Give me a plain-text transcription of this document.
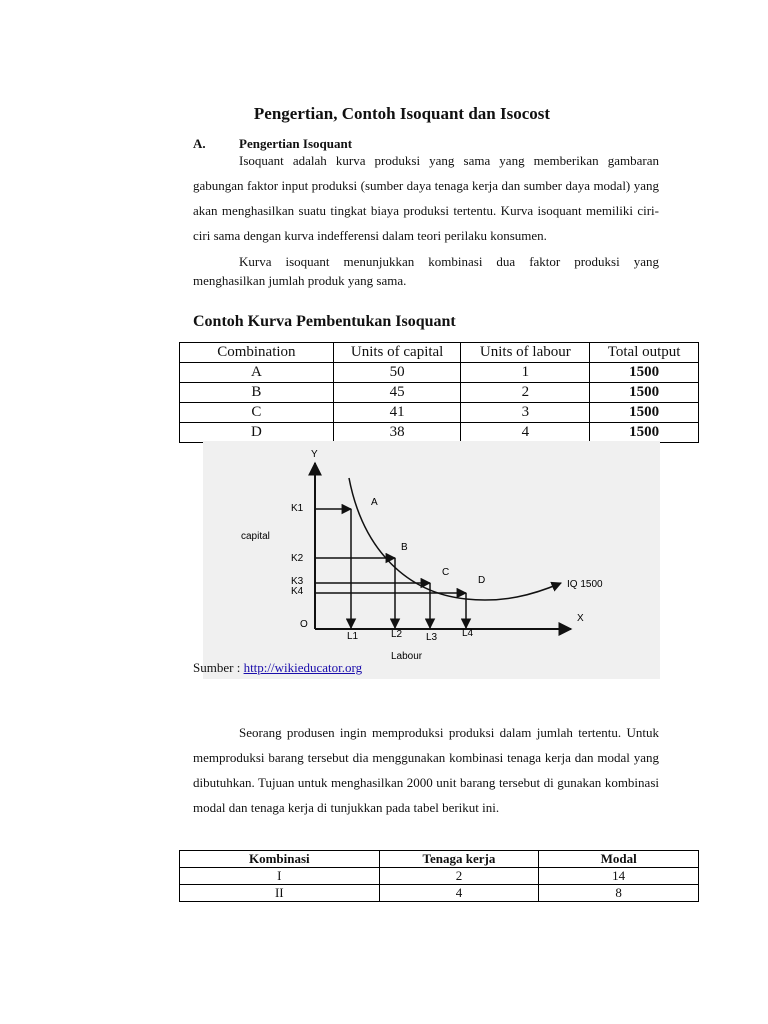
Pengertian, Contoh Isoquant dan Isocost
A.	Pengertian Isoquant

Isoquant adalah kurva produksi yang sama yang memberikan gambaran gabungan faktor input produksi (sumber daya tenaga kerja dan sumber daya modal) yang akan menghasilkan suatu tingkat biaya produksi tertentu. Kurva isoquant memiliki ciri-ciri sama dengan kurva indefferensi dalam teori perilaku konsumen.

Kurva isoquant menunjukkan kombinasi dua faktor produksi yang menghasilkan jumlah produk yang sama.

Contoh Kurva Pembentukan Isoquant
Combination	Units of capital	Units of labour	Total output
A	50	1	1500
B	45	2	1500
C	41	3	1500
D	38	4	1500
Y
X
O
capital
Labour
IQ 1500
A
K1
L1
B
K2
L2
C
K3
L3
D
K4
L4
Sumber : http://wikieducator.org

Seorang produsen ingin memproduksi produksi dalam jumlah tertentu. Untuk memproduksi barang tersebut dia menggunakan kombinasi tenaga kerja dan modal yang dibutuhkan. Tujuan untuk menghasilkan 2000 unit barang tersebut di gunakan kombinasi modal dan tenaga kerja di tunjukkan pada tabel berikut ini.

Kombinasi	Tenaga kerja	Modal
I	2	14
II	4	8
